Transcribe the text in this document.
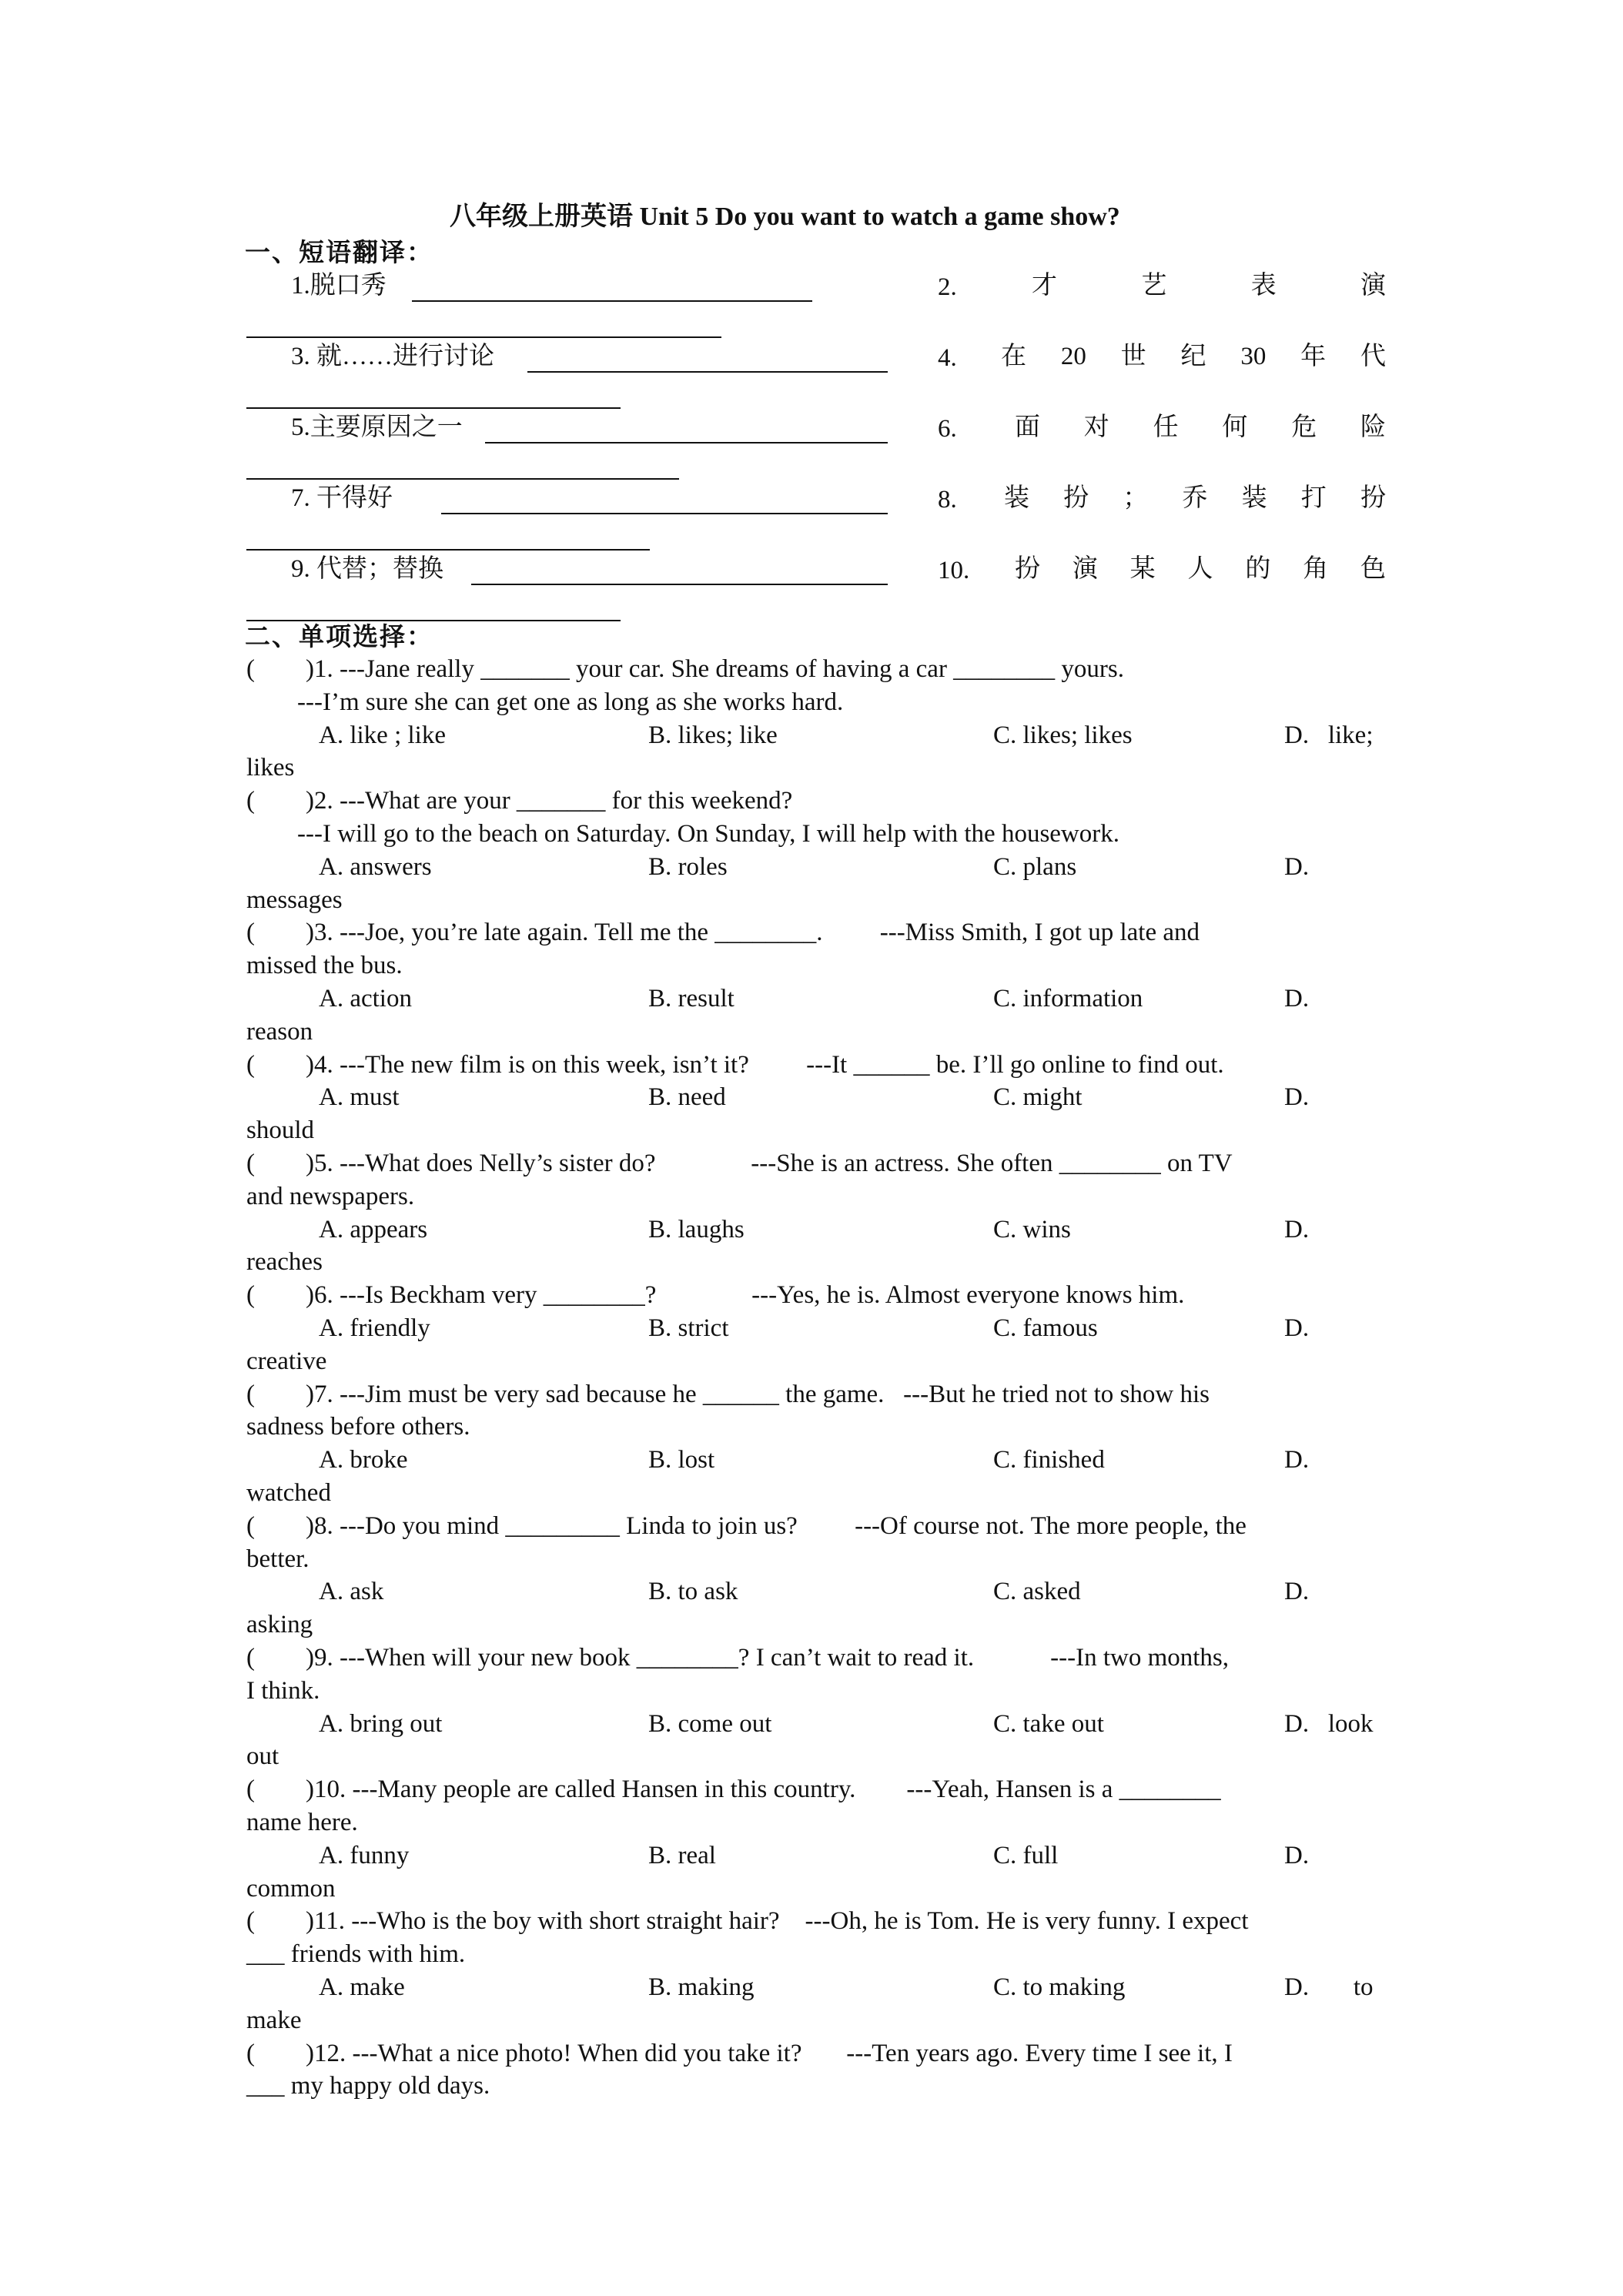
八年级上册英语 Unit 5 Do you want to watch a game show?
一、短语翻译：
1.脱口秀	2.	才	艺	表	演
3. 就……进行讨论	4. 在 20 世 纪 30 年 代
5.主要原因之一	6. 面 对 任 何 危 险
7. 干得好	8. 装 扮 ； 乔 装 打 扮
9. 代替；替换	10. 扮 演 某 人 的 角 色
二、单项选择：
(        )1. ---Jane really _______ your car. She dreams of having a car ________ yours.
---I’m sure she can get one as long as she works hard.
A. like ; like	B. likes; like	C. likes; likes	D.   like;
likes
(        )2. ---What are your _______ for this weekend?
---I will go to the beach on Saturday. On Sunday, I will help with the housework.
A. answers	B. roles	C. plans	D.
messages
(        )3. ---Joe, you’re late again. Tell me the ________.         ---Miss Smith, I got up late and
missed the bus.
A. action	B. result	C. information	D.
reason
(        )4. ---The new film is on this week, isn’t it?         ---It ______ be. I’ll go online to find out.
A. must	B. need	C. might	D.
should
(        )5. ---What does Nelly’s sister do?               ---She is an actress. She often ________ on TV
and newspapers.
A. appears	B. laughs	C. wins	D.
reaches
(        )6. ---Is Beckham very ________?               ---Yes, he is. Almost everyone knows him.
A. friendly	B. strict	C. famous	D.
creative
(        )7. ---Jim must be very sad because he ______ the game.   ---But he tried not to show his
sadness before others.
A. broke	B. lost	C. finished	D.
watched
(        )8. ---Do you mind _________ Linda to join us?         ---Of course not. The more people, the
better.
A. ask	B. to ask	C. asked	D.
asking
(        )9. ---When will your new book ________? I can’t wait to read it.            ---In two months,
I think.
A. bring out	B. come out	C. take out	D.   look
out
(        )10. ---Many people are called Hansen in this country.        ---Yeah, Hansen is a ________
name here.
A. funny	B. real	C. full	D.
common
(        )11. ---Who is the boy with short straight hair?    ---Oh, he is Tom. He is very funny. I expect
___ friends with him.
A. make	B. making	C. to making	D.       to
make
(        )12. ---What a nice photo! When did you take it?       ---Ten years ago. Every time I see it, I
___ my happy old days.
